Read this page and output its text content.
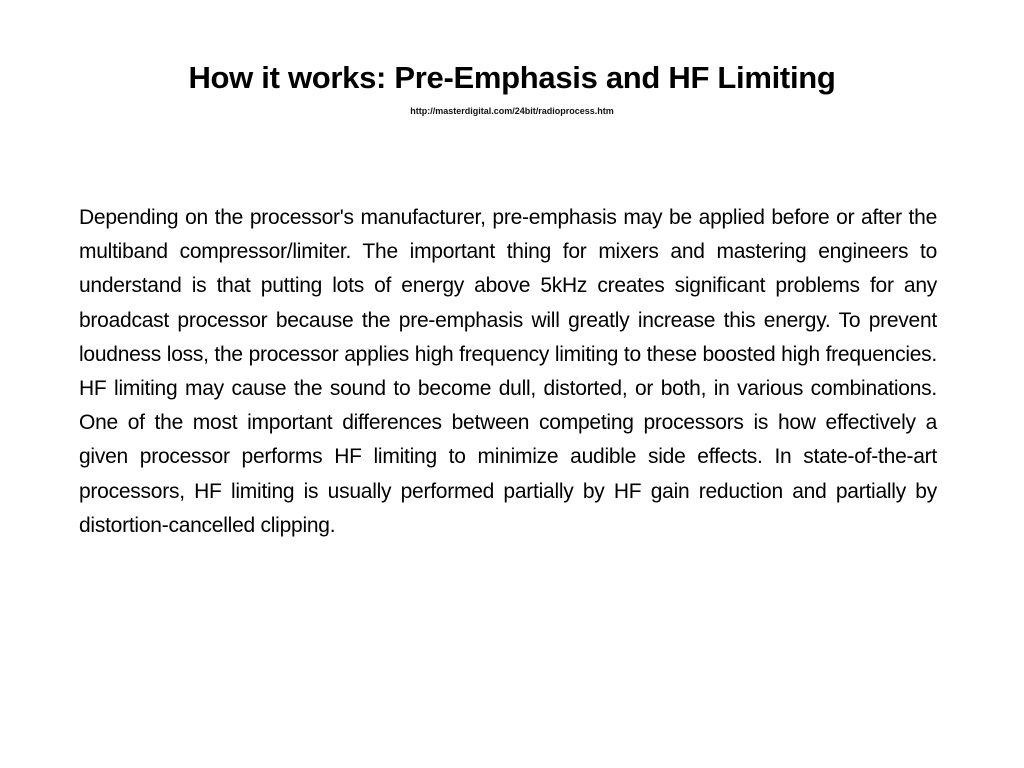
How it works: Pre-Emphasis and HF Limiting
http://masterdigital.com/24bit/radioprocess.htm

Depending on the processor's manufacturer, pre-emphasis may be applied before or after the multiband compressor/limiter. The important thing for mixers and mastering engineers to understand is that putting lots of energy above 5kHz creates significant problems for any broadcast processor because the pre-emphasis will greatly increase this energy. To prevent loudness loss, the processor applies high frequency limiting to these boosted high frequencies. HF limiting may cause the sound to become dull, distorted, or both, in various combinations. One of the most important differences between competing processors is how effectively a given processor performs HF limiting to minimize audible side effects. In state-of-the-art processors, HF limiting is usually performed partially by HF gain reduction and partially by distortion-cancelled clipping.
